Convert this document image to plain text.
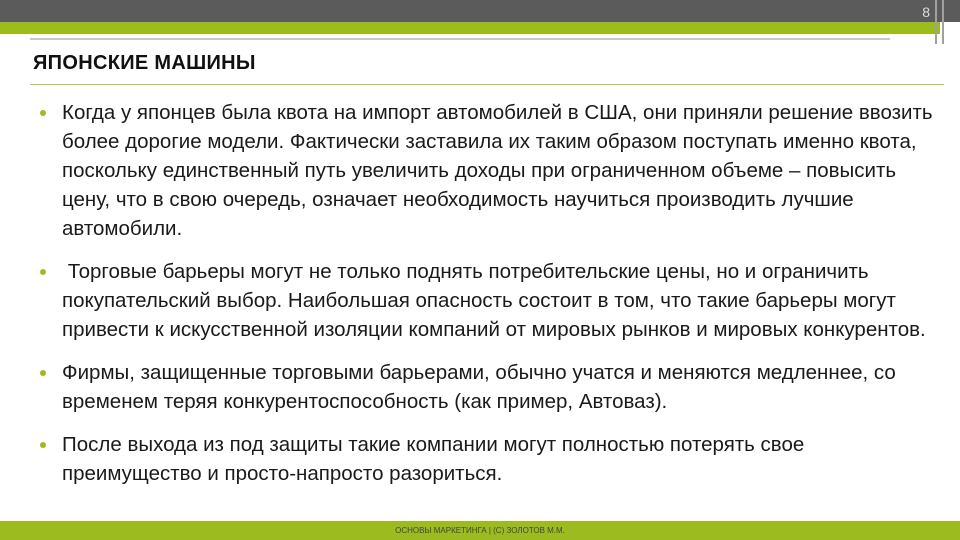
8
ЯПОНСКИЕ МАШИНЫ
Когда у японцев была квота на импорт автомобилей в США, они приняли решение ввозить более дорогие модели. Фактически заставила их таким образом поступать именно квота, поскольку единственный путь увеличить доходы при ограниченном объеме – повысить цену, что в свою очередь, означает необходимость научиться производить лучшие автомобили.
Торговые барьеры могут не только поднять потребительские цены, но и ограничить покупательский выбор. Наибольшая опасность состоит в том, что такие барьеры могут привести к искусственной изоляции компаний от мировых рынков и мировых конкурентов.
Фирмы, защищенные торговыми барьерами, обычно учатся и меняются медленнее, со временем теряя конкурентоспособность (как пример, Автоваз).
После выхода из под защиты такие компании могут полностью потерять свое преимущество и просто-напросто разориться.
ОСНОВЫ МАРКЕТИНГА | (С) ЗОЛОТОВ М.М.
